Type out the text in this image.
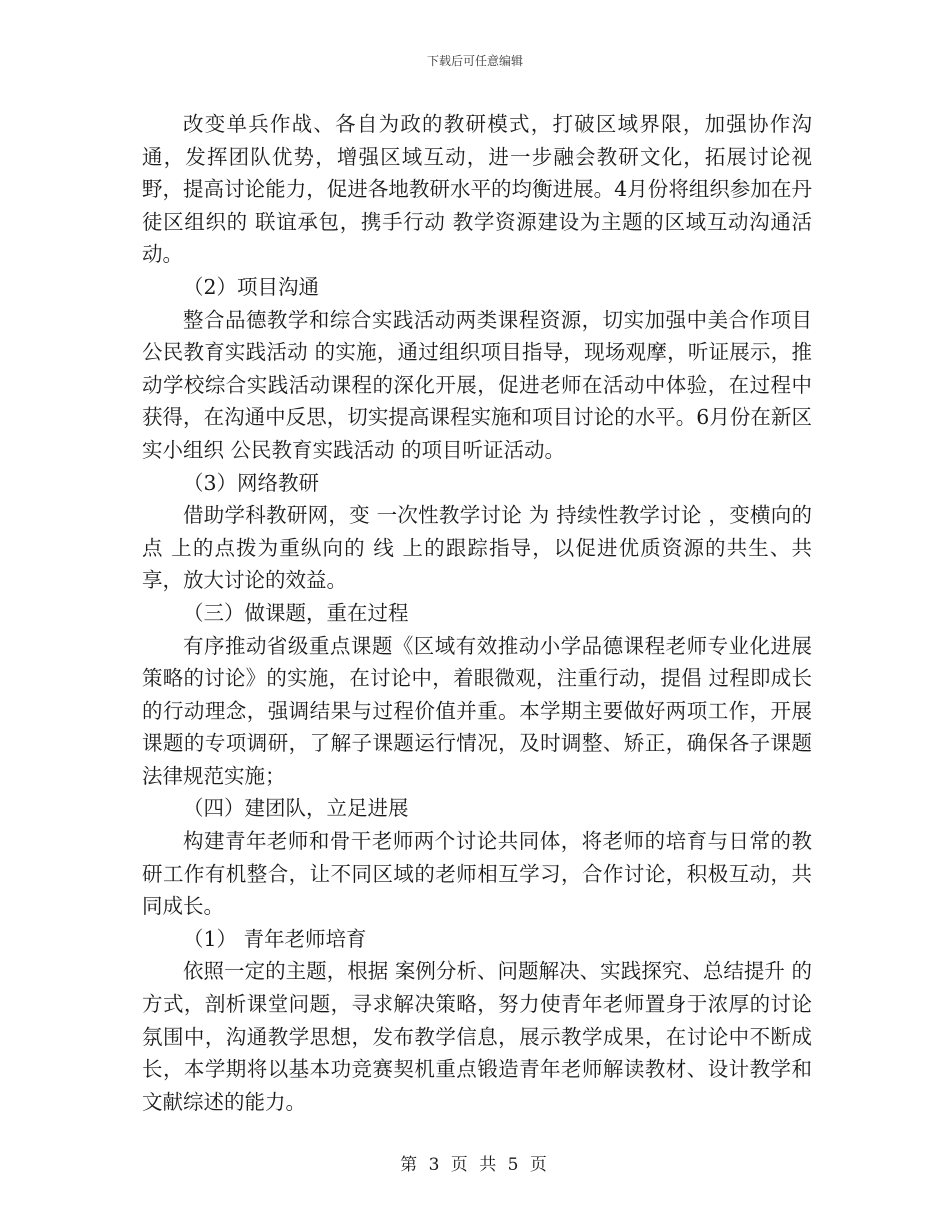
下载后可任意编辑

改变单兵作战、各自为政的教研模式，打破区域界限，加强协作沟通，发挥团队优势，增强区域互动，进一步融会教研文化，拓展讨论视野，提高讨论能力，促进各地教研水平的均衡进展。4月份将组织参加在丹徒区组织的 联谊承包，携手行动 教学资源建设为主题的区域互动沟通活动。

（2）项目沟通

整合品德教学和综合实践活动两类课程资源，切实加强中美合作项目 公民教育实践活动 的实施，通过组织项目指导，现场观摩，听证展示，推动学校综合实践活动课程的深化开展，促进老师在活动中体验，在过程中获得，在沟通中反思，切实提高课程实施和项目讨论的水平。6月份在新区实小组织 公民教育实践活动 的项目听证活动。

（3）网络教研

借助学科教研网，变 一次性教学讨论 为 持续性教学讨论 ，变横向的 点 上的点拨为重纵向的 线 上的跟踪指导，以促进优质资源的共生、共享，放大讨论的效益。

（三）做课题，重在过程

有序推动省级重点课题《区域有效推动小学品德课程老师专业化进展策略的讨论》的实施，在讨论中，着眼微观，注重行动，提倡 过程即成长 的行动理念，强调结果与过程价值并重。本学期主要做好两项工作，开展课题的专项调研，了解子课题运行情况，及时调整、矫正，确保各子课题法律规范实施；

（四）建团队，立足进展

构建青年老师和骨干老师两个讨论共同体，将老师的培育与日常的教研工作有机整合，让不同区域的老师相互学习，合作讨论，积极互动，共同成长。

（1） 青年老师培育

依照一定的主题，根据 案例分析、问题解决、实践探究、总结提升 的方式，剖析课堂问题，寻求解决策略，努力使青年老师置身于浓厚的讨论氛围中，沟通教学思想，发布教学信息，展示教学成果，在讨论中不断成长，本学期将以基本功竞赛契机重点锻造青年老师解读教材、设计教学和文献综述的能力。

第 3 页 共 5 页
